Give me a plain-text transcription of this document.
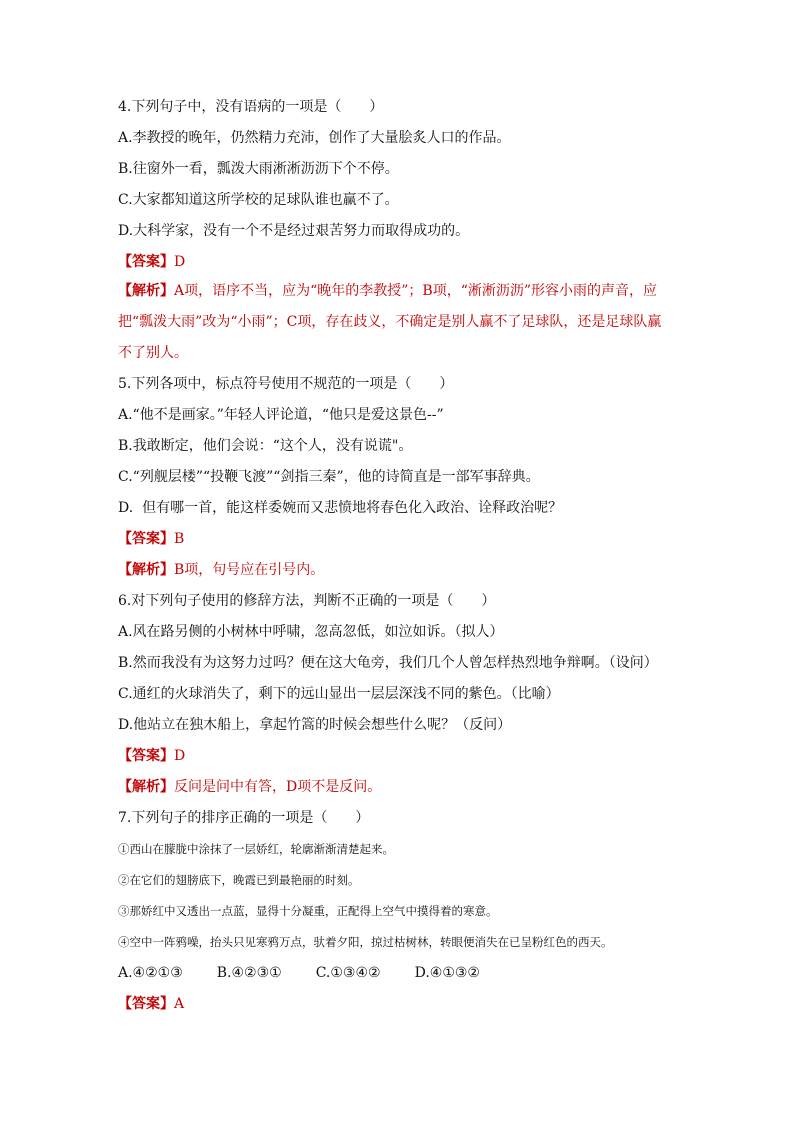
4.下列句子中，没有语病的一项是（　　）
A.李教授的晚年，仍然精力充沛，创作了大量脍炙人口的作品。
B.往窗外一看，瓢泼大雨淅淅沥沥下个不停。
C.大家都知道这所学校的足球队谁也赢不了。
D.大科学家，没有一个不是经过艰苦努力而取得成功的。
【答案】D
【解析】A项，语序不当，应为“晚年的李教授”；B项，“淅淅沥沥”形容小雨的声音，应把“瓢泼大雨”改为“小雨”；C项，存在歧义，不确定是别人赢不了足球队，还是足球队赢不了别人。
5.下列各项中，标点符号使用不规范的一项是（　　）
A.“他不是画家。”年轻人评论道，“他只是爱这景色--”
B.我敢断定，他们会说：“这个人，没有说谎"。
C.“列舰层楼”“投鞭飞渡”“剑指三秦”，他的诗简直是一部军事辞典。
D.  但有哪一首，能这样委婉而又悲愤地将春色化入政治、诠释政治呢？
【答案】B
【解析】B项，句号应在引号内。
6.对下列句子使用的修辞方法，判断不正确的一项是（　　）
A.风在路另侧的小树林中呼啸，忽高忽低，如泣如诉。（拟人）
B.然而我没有为这努力过吗？便在这大龟旁，我们几个人曾怎样热烈地争辩啊。（设问）
C.通红的火球消失了，剩下的远山显出一层层深浅不同的紫色。（比喻）
D.他站立在独木船上，拿起竹篙的时候会想些什么呢？（反问）
【答案】D
【解析】反问是问中有答，D项不是反问。
7.下列句子的排序正确的一项是（　　）
①西山在朦胧中涂抹了一层娇红，轮廓渐渐清楚起来。
②在它们的翅膀底下，晚霞已到最艳丽的时刻。
③那娇红中又透出一点蓝，显得十分凝重，正配得上空气中摸得着的寒意。
④空中一阵鸦噪，抬头只见寒鸦万点，驮着夕阳，掠过枯树林，转眼便消失在已呈粉红色的西天。
A.④②①③ B.④②③① C.①③④② D.④①③②
【答案】A
